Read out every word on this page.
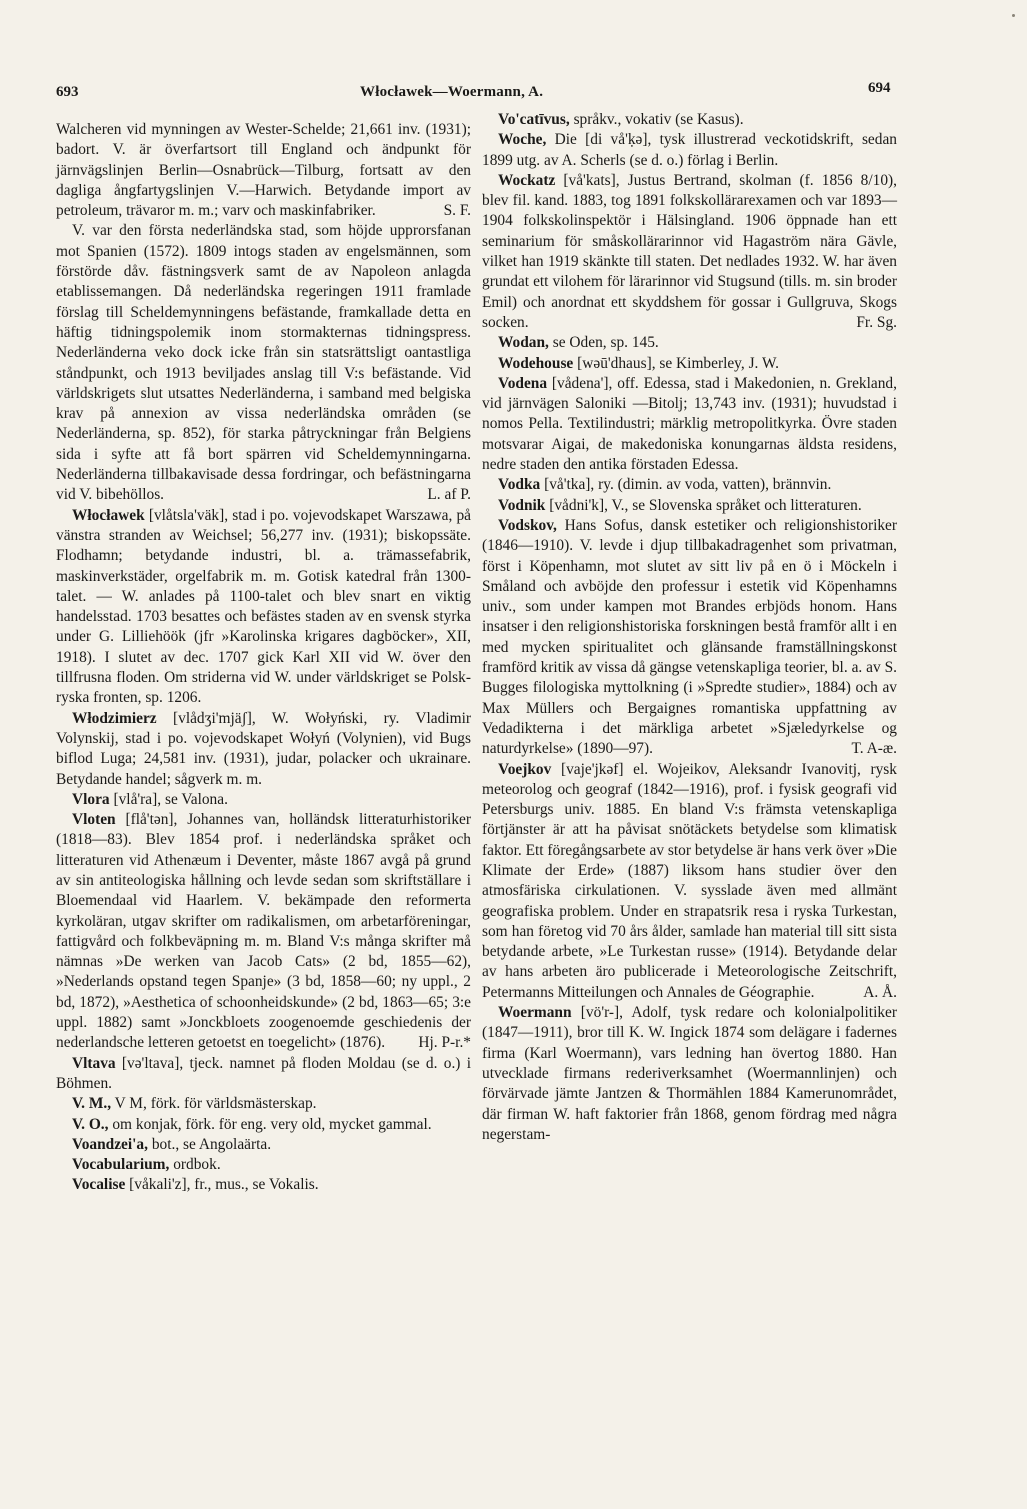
693	Włocławek—Woermann, A.	694

Walcheren vid mynningen av Wester-Schelde; 21,661 inv. (1931); badort. V. är överfartsort till England och ändpunkt för järnvägslinjen Berlin—Osnabrück—Tilburg, fortsatt av den dagliga ångfartygslinjen V.—Harwich. Betydande import av petroleum, trävaror m. m.; varv och maskinfabriker.	S. F.

V. var den första nederländska stad, som höjde upprorsfanan mot Spanien (1572). 1809 intogs staden av engelsmännen, som förstörde dåv. fästningsverk samt de av Napoleon anlagda etablissemangen. Då nederländska regeringen 1911 framlade förslag till Scheldemynningens befästande, framkallade detta en häftig tidningspolemik inom stormakternas tidningspress. Nederländerna veko dock icke från sin statsrättsligt oantastliga ståndpunkt, och 1913 beviljades anslag till V:s befästande. Vid världskrigets slut utsattes Nederländerna, i samband med belgiska krav på annexion av vissa nederländska områden (se Nederländerna, sp. 852), för starka påtryckningar från Belgiens sida i syfte att få bort spärren vid Scheldemynningarna. Nederländerna tillbakavisade dessa fordringar, och befästningarna vid V. bibehöllos.	L. af P.

Włocławek [vlåtsla'väk], stad i po. vojevodskapet Warszawa, på vänstra stranden av Weichsel; 56,277 inv. (1931); biskopssäte. Flodhamn; betydande industri, bl. a. trämassefabrik, maskinverkstäder, orgelfabrik m. m. Gotisk katedral från 1300-talet. — W. anlades på 1100-talet och blev snart en viktig handelsstad. 1703 besattes och befästes staden av en svensk styrka under G. Lilliehöök (jfr »Karolinska krigares dagböcker», XII, 1918). I slutet av dec. 1707 gick Karl XII vid W. över den tillfrusna floden. Om striderna vid W. under världskriget se Polsk-ryska fronten, sp. 1206.

Włodzimierz [vlådʒi'mjäʃ], W. Wołyński, ry. Vladimir Volynskij, stad i po. vojevodskapet Wołyń (Volynien), vid Bugs biflod Luga; 24,581 inv. (1931), judar, polacker och ukrainare. Betydande handel; sågverk m. m.

Vlora [vlå'ra], se Valona.

Vloten [flå'tən], Johannes van, holländsk litteraturhistoriker (1818—83). Blev 1854 prof. i nederländska språket och litteraturen vid Athenæum i Deventer, måste 1867 avgå på grund av sin antiteologiska hållning och levde sedan som skriftställare i Bloemendaal vid Haarlem. V. bekämpade den reformerta kyrkoläran, utgav skrifter om radikalismen, om arbetarföreningar, fattigvård och folkbeväpning m. m. Bland V:s många skrifter må nämnas »De werken van Jacob Cats» (2 bd, 1855—62), »Nederlands opstand tegen Spanje» (3 bd, 1858—60; ny uppl., 2 bd, 1872), »Aesthetica of schoonheidskunde» (2 bd, 1863—65; 3:e uppl. 1882) samt »Jonckbloets zoogenoemde geschiedenis der nederlandsche letteren getoetst en toegelicht» (1876).	Hj. P-r.*

Vltava [və'ltava], tjeck. namnet på floden Moldau (se d. o.) i Böhmen.

V. M., V M, förk. för världsmästerskap.

V. O., om konjak, förk. för eng. very old, mycket gammal.

Voandzei'a, bot., se Angolaärta.

Vocabularium, ordbok.

Vocalise [våkali'z], fr., mus., se Vokalis.

Vo'catīvus, språkv., vokativ (se Kasus).

Woche, Die [di vå'ḳə], tysk illustrerad veckotidskrift, sedan 1899 utg. av A. Scherls (se d. o.) förlag i Berlin.

Wockatz [vå'kats], Justus Bertrand, skolman (f. 1856 8/10), blev fil. kand. 1883, tog 1891 folkskollärarexamen och var 1893—1904 folkskolinspektör i Hälsingland. 1906 öppnade han ett seminarium för småskollärarinnor vid Hagaström nära Gävle, vilket han 1919 skänkte till staten. Det nedlades 1932. W. har även grundat ett vilohem för lärarinnor vid Stugsund (tills. m. sin broder Emil) och anordnat ett skyddshem för gossar i Gullgruva, Skogs socken.	Fr. Sg.

Wodan, se Oden, sp. 145.

Wodehouse [wəū'dhaus], se Kimberley, J. W.

Vodena [vådena'], off. Edessa, stad i Makedonien, n. Grekland, vid järnvägen Saloniki —Bitolj; 13,743 inv. (1931); huvudstad i nomos Pella. Textilindustri; märklig metropolitkyrka. Övre staden motsvarar Aigai, de makedoniska konungarnas äldsta residens, nedre staden den antika förstaden Edessa.

Vodka [vå'tka], ry. (dimin. av voda, vatten), brännvin.

Vodnik [vådni'k], V., se Slovenska språket och litteraturen.

Vodskov, Hans Sofus, dansk estetiker och religionshistoriker (1846—1910). V. levde i djup tillbakadragenhet som privatman, först i Köpenhamn, mot slutet av sitt liv på en ö i Möckeln i Småland och avböjde den professur i estetik vid Köpenhamns univ., som under kampen mot Brandes erbjöds honom. Hans insatser i den religionshistoriska forskningen bestå framför allt i en med mycken spiritualitet och glänsande framställningskonst framförd kritik av vissa då gängse vetenskapliga teorier, bl. a. av S. Bugges filologiska myttolkning (i »Spredte studier», 1884) och av Max Müllers och Bergaignes romantiska uppfattning av Vedadikterna i det märkliga arbetet »Sjæledyrkelse og naturdyrkelse» (1890—97).	T. A-æ.

Voejkov [vaje'jkəf] el. Wojeikov, Aleksandr Ivanovitj, rysk meteorolog och geograf (1842—1916), prof. i fysisk geografi vid Petersburgs univ. 1885. En bland V:s främsta vetenskapliga förtjänster är att ha påvisat snötäckets betydelse som klimatisk faktor. Ett föregångsarbete av stor betydelse är hans verk över »Die Klimate der Erde» (1887) liksom hans studier över den atmosfäriska cirkulationen. V. sysslade även med allmänt geografiska problem. Under en strapatsrik resa i ryska Turkestan, som han företog vid 70 års ålder, samlade han material till sitt sista betydande arbete, »Le Turkestan russe» (1914). Betydande delar av hans arbeten äro publicerade i Meteorologische Zeitschrift, Petermanns Mitteilungen och Annales de Géographie.	A. Å.

Woermann [vö'r-], Adolf, tysk redare och kolonialpolitiker (1847—1911), bror till K. W. Ingick 1874 som delägare i fadernes firma (Karl Woermann), vars ledning han övertog 1880. Han utvecklade firmans rederiverksamhet (Woermannlinjen) och förvärvade jämte Jantzen & Thormählen 1884 Kamerunområdet, där firman W. haft faktorier från 1868, genom fördrag med några negerstam-
